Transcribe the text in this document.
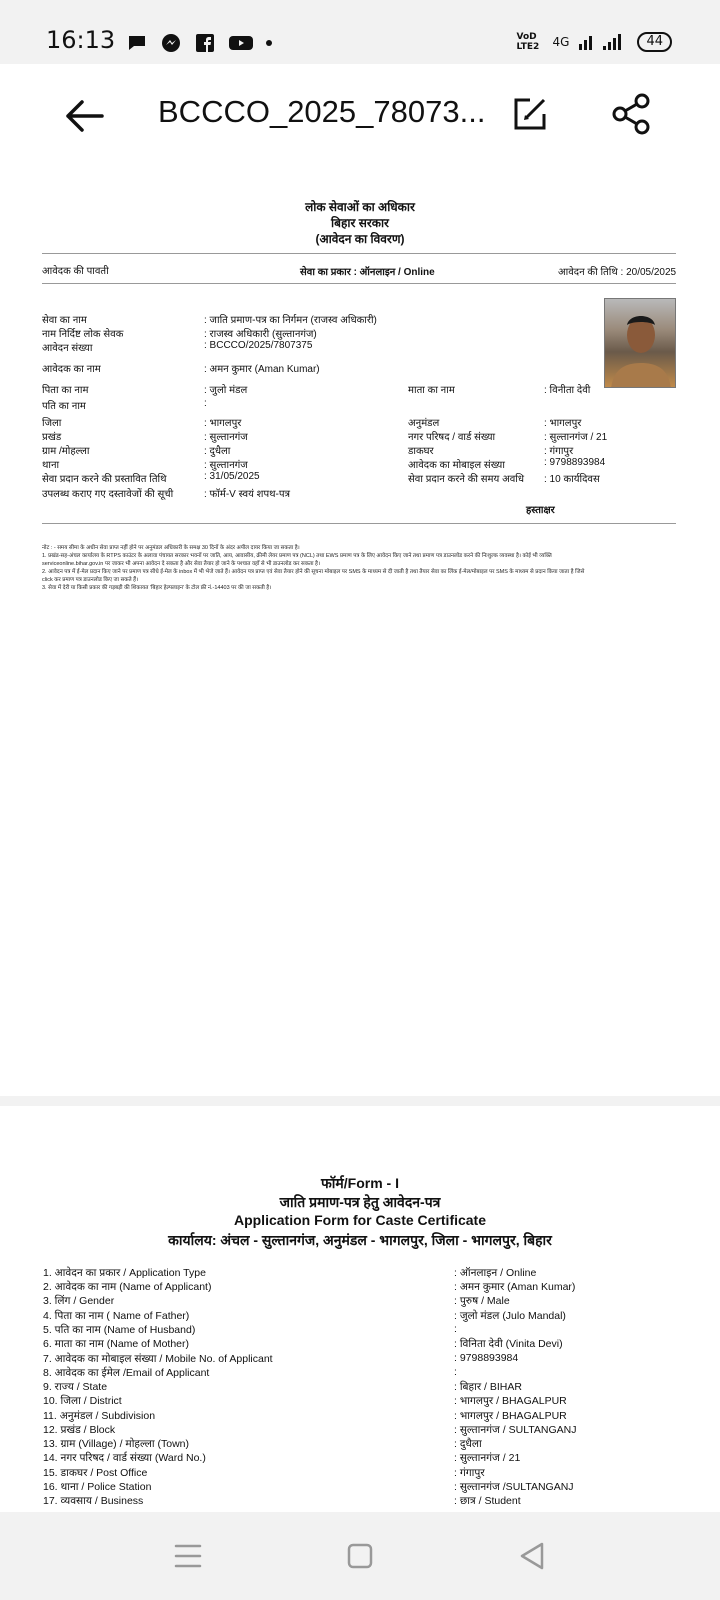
16:13	VoD LTE2 4G	44
BCCCO_2025_78073...
लोक सेवाओं का अधिकार
बिहार सरकार
(आवेदन का विवरण)
आवेदक की पावती	सेवा का प्रकार : ऑनलाइन / Online	आवेदन की तिथि : 20/05/2025
सेवा का नाम	: जाति प्रमाण-पत्र का निर्गमन (राजस्व अधिकारी)
नाम निर्दिष्ट लोक सेवक	: राजस्व अधिकारी (सुल्तानगंज)
आवेदन संख्या	: BCCCO/2025/7807375
आवेदक का नाम	: अमन कुमार (Aman Kumar)
पिता का नाम	: जुलो मंडल	माता का नाम	: विनीता देवी
पति का नाम	:
जिला	: भागलपुर	अनुमंडल	: भागलपुर
प्रखंड	: सुल्तानगंज	नगर परिषद / वार्ड संख्या	: सुल्तानगंज / 21
ग्राम /मोहल्ला	: दुधैला	डाकघर	: गंगापुर
थाना	: सुल्तानगंज	आवेदक का मोबाइल संख्या	: 9798893984
सेवा प्रदान करने की प्रस्तावित तिथि	: 31/05/2025	सेवा प्रदान करने की समय अवधि : 10 कार्यदिवस
उपलब्ध कराए गए दस्तावेजों की सूची	: फॉर्म-V स्वयं शपथ-पत्र
हस्ताक्षर
नोट : - समय सीमा के अधीन सेवा प्राप्त नहीं होने पर अनुमंडल अधिकारी के समक्ष 30 दिनों के अंदर अपील दायर किया जा सकता है।
1. प्रखंड-सह-अंचल कार्यालय के RTPS काउंटर के अलावा पंचायत सरकार भवनों पर जाति, आय, आवासीय, क्रीमी लेयर प्रमाण पत्र (NCL) तथा EWS प्रमाण पत्र के लिए आवेदन किए जाने तथा प्रमाण पत्र डाउनलोड करने की निःशुल्क व्यवस्था है। कोई भी व्यक्ति
serviceonline.bihar.gov.in पर जाकर भी अपना आवेदन दे सकता है और सेवा तैयार हो जाने के पश्चात वहाँ से भी डाउनलोड कर सकता है।
2. आवेदन पत्र में ई-मेल प्रदान किए जाने पर प्रमाण पत्र सीधे ई-मेल के inbox में भी भेजे जाते हैं। आवेदन पत्र प्राप्त एवं सेवा तैयार होने की सूचना मोबाइल पर SMS के माध्यम से दी जाती है तथा तैयार सेवा का लिंक ई-मेल/मोबाइल पर SMS के माध्यम से प्रदान किया जाता है जिसे
click कर प्रमाण पत्र डाउनलोड किए जा सकते हैं।
3. सेवा में देरी या किसी प्रकार की गड़बड़ी की शिकायत 'बिहार हेल्पलाइन' के टोल फ्री नं.-14403 पर की जा सकती है।
फॉर्म/Form - I
जाति प्रमाण-पत्र हेतु आवेदन-पत्र
Application Form for Caste Certificate
कार्यालय: अंचल - सुल्तानगंज, अनुमंडल - भागलपुर, जिला - भागलपुर, बिहार
1. आवेदन का प्रकार / Application Type	: ऑनलाइन / Online
2. आवेदक का नाम (Name of Applicant)	: अमन कुमार (Aman Kumar)
3. लिंग / Gender	: पुरुष / Male
4. पिता का नाम ( Name of Father)	: जुलो मंडल (Julo Mandal)
5. पति का नाम (Name of Husband)	:
6. माता का नाम (Name of Mother)	: विनिता देवी (Vinita Devi)
7. आवेदक का मोबाइल संख्या / Mobile No. of Applicant	: 9798893984
8. आवेदक का ईमेल /Email of Applicant	:
9. राज्य / State	: बिहार / BIHAR
10. जिला / District	: भागलपुर / BHAGALPUR
11. अनुमंडल / Subdivision	: भागलपुर / BHAGALPUR
12. प्रखंड / Block	: सुल्तानगंज / SULTANGANJ
13. ग्राम (Village) / मोहल्ला (Town)	: दुधैला
14. नगर परिषद / वार्ड संख्या (Ward No.)	: सुल्तानगंज / 21
15. डाकघर / Post Office	: गंगापुर
16. थाना / Police Station	: सुल्तानगंज /SULTANGANJ
17. व्यवसाय / Business	: छात्र / Student
